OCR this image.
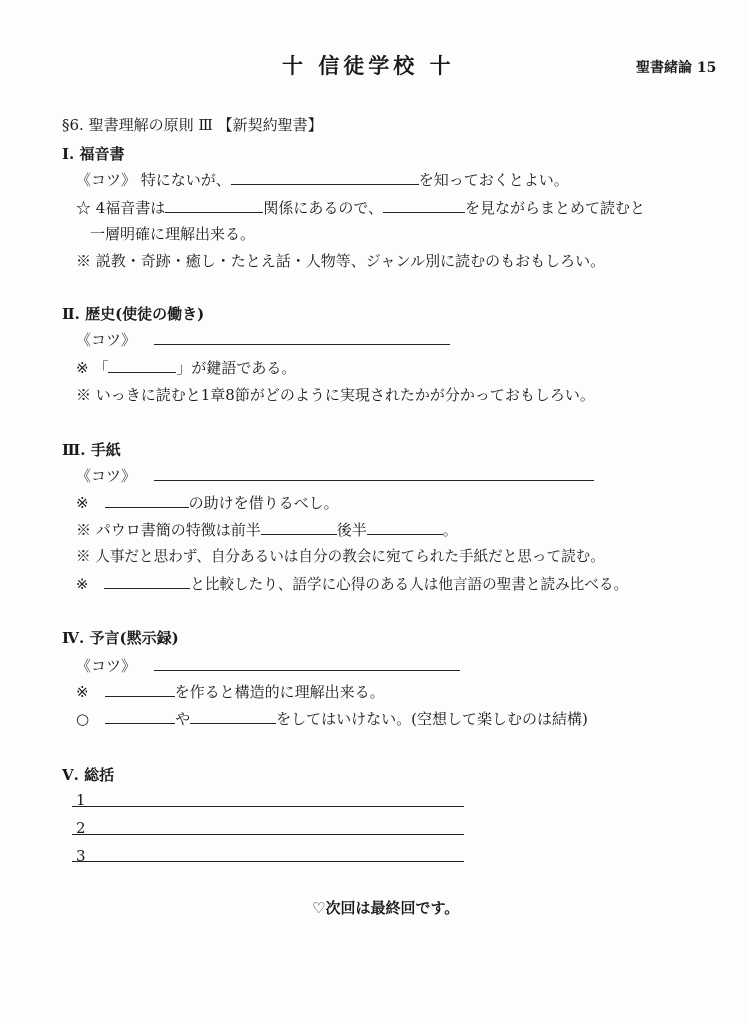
十 信徒学校 十	聖書緒論 15
§6. 聖書理解の原則 Ⅲ 【新契約聖書】
Ⅰ. 福音書
《コツ》 特にないが、	を知っておくとよい。
☆ 4福音書は	関係にあるので、	を見ながらまとめて読むと
一層明確に理解出来る。
※ 説教・奇跡・癒し・たとえ話・人物等、ジャンル別に読むのもおもしろい。
Ⅱ. 歴史(使徒の働き)
《コツ》
※ 「	」が鍵語である。
※ いっきに読むと1章8節がどのように実現されたかが分かっておもしろい。
Ⅲ. 手紙
《コツ》
※	の助けを借りるべし。
※ パウロ書簡の特徴は前半	後半	。
※ 人事だと思わず、自分あるいは自分の教会に宛てられた手紙だと思って読む。
※	と比較したり、語学に心得のある人は他言語の聖書と読み比べる。
Ⅳ. 予言(黙示録)
《コツ》
※	を作ると構造的に理解出来る。
○	や	をしてはいけない。(空想して楽しむのは結構)
Ⅴ. 総括
1
2
3
♡次回は最終回です。
